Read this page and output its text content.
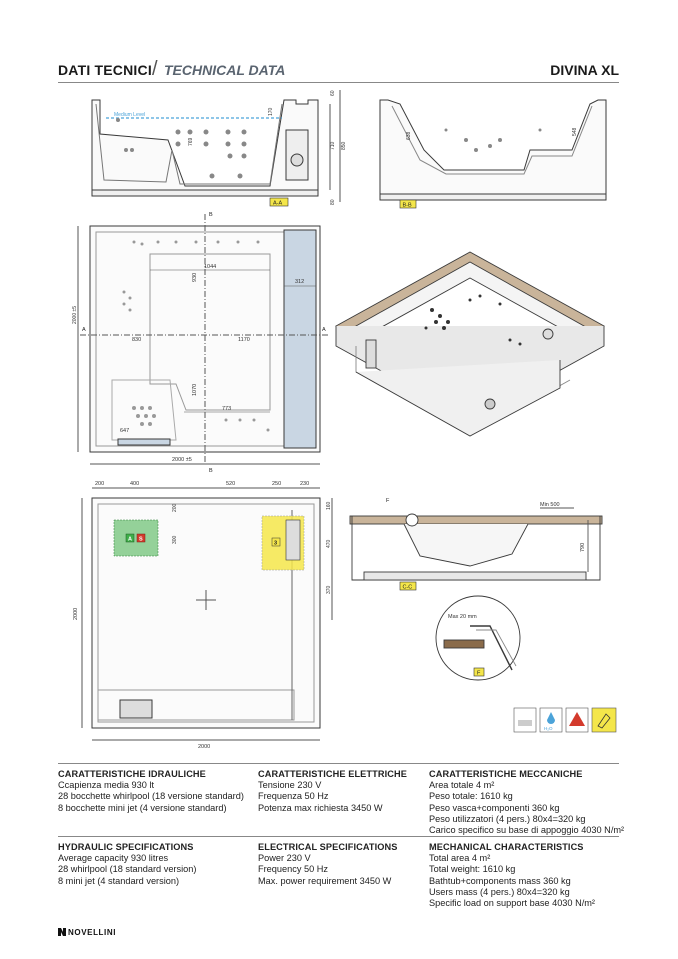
DATI TECNICI / TECHNICAL DATA	DIVINA XL
Medium Level	170
769	710 850
60
80
A-A
638	548
B-B
B
B
A	A
1044
312
930
830	1170
2000 ±5
1070
773
647
2000 ±5
A S
3
200	400	520	250	230
160
470
370
200
300
2000
2000
F
Min 500
790
C-C
Max 20 mm
F
H₂O
CARATTERISTICHE IDRAULICHE
Ccapienza media 930 lt
28 bocchette whirlpool (18 versione standard)
8 bocchette mini jet (4 versione standard)
CARATTERISTICHE ELETTRICHE
Tensione 230 V
Frequenza 50 Hz
Potenza max richiesta 3450 W
CARATTERISTICHE MECCANICHE
Area totale 4 m²
Peso totale: 1610 kg
Peso vasca+componenti 360 kg
Peso utilizzatori (4 pers.) 80x4=320 kg
Carico specifico su base di appoggio 4030 N/m²
HYDRAULIC SPECIFICATIONS
Average capacity 930 litres
28 whirlpool (18 standard version)
8 mini jet (4 standard version)
ELECTRICAL SPECIFICATIONS
Power 230 V
Frequency 50 Hz
Max. power requirement 3450 W
MECHANICAL CHARACTERISTICS
Total area 4 m²
Total weight: 1610 kg
Bathtub+components mass 360 kg
Users mass (4 pers.) 80x4=320 kg
Specific load on support base 4030 N/m²
NOVELLINI
